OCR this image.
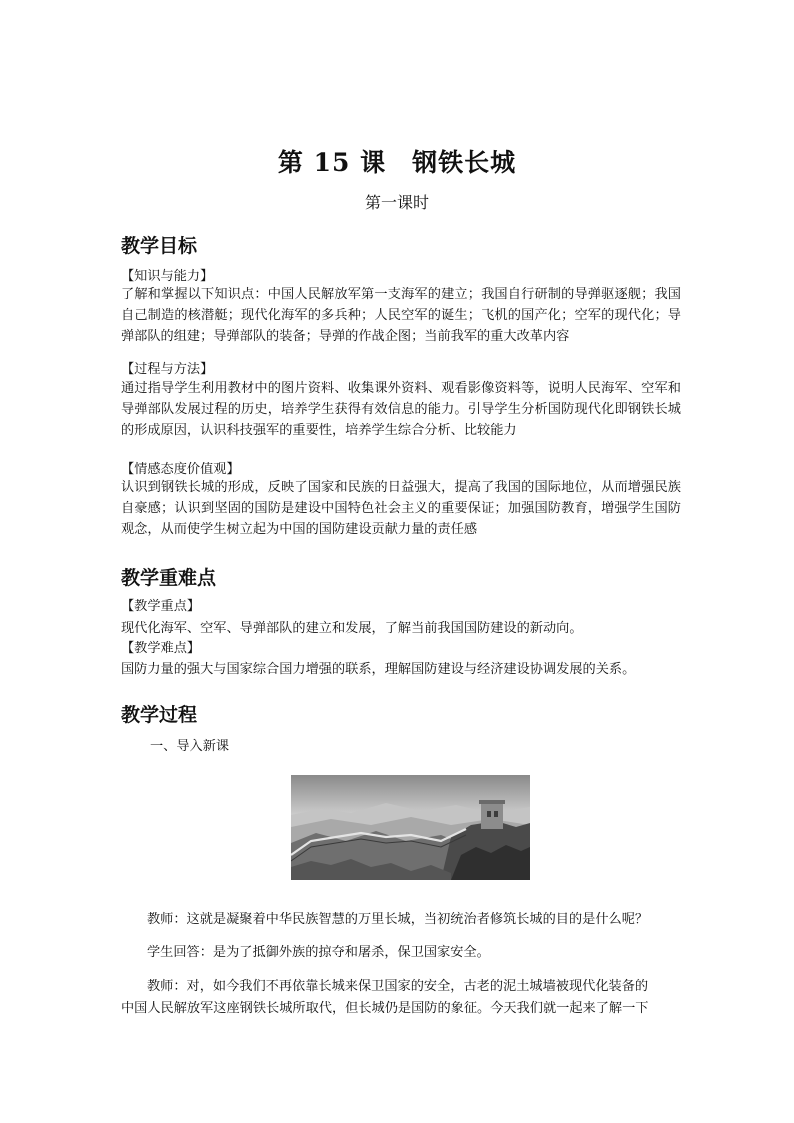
第 15 课　钢铁长城
第一课时
教学目标
【知识与能力】
了解和掌握以下知识点：中国人民解放军第一支海军的建立；我国自行研制的导弹驱逐舰；我国自己制造的核潜艇；现代化海军的多兵种；人民空军的诞生；飞机的国产化；空军的现代化；导弹部队的组建；导弹部队的装备；导弹的作战企图；当前我军的重大改革内容
【过程与方法】
通过指导学生利用教材中的图片资料、收集课外资料、观看影像资料等，说明人民海军、空军和导弹部队发展过程的历史，培养学生获得有效信息的能力。引导学生分析国防现代化即钢铁长城的形成原因，认识科技强军的重要性，培养学生综合分析、比较能力
【情感态度价值观】
认识到钢铁长城的形成，反映了国家和民族的日益强大，提高了我国的国际地位，从而增强民族自豪感；认识到坚固的国防是建设中国特色社会主义的重要保证；加强国防教育，增强学生国防观念，从而使学生树立起为中国的国防建设贡献力量的责任感
教学重难点
【教学重点】
现代化海军、空军、导弹部队的建立和发展，了解当前我国国防建设的新动向。
【教学难点】
国防力量的强大与国家综合国力增强的联系，理解国防建设与经济建设协调发展的关系。
教学过程
一、导入新课
教师：这就是凝聚着中华民族智慧的万里长城，当初统治者修筑长城的目的是什么呢？
学生回答：是为了抵御外族的掠夺和屠杀，保卫国家安全。
教师：对，如今我们不再依靠长城来保卫国家的安全，古老的泥土城墙被现代化装备的
中国人民解放军这座钢铁长城所取代，但长城仍是国防的象征。今天我们就一起来了解一下
